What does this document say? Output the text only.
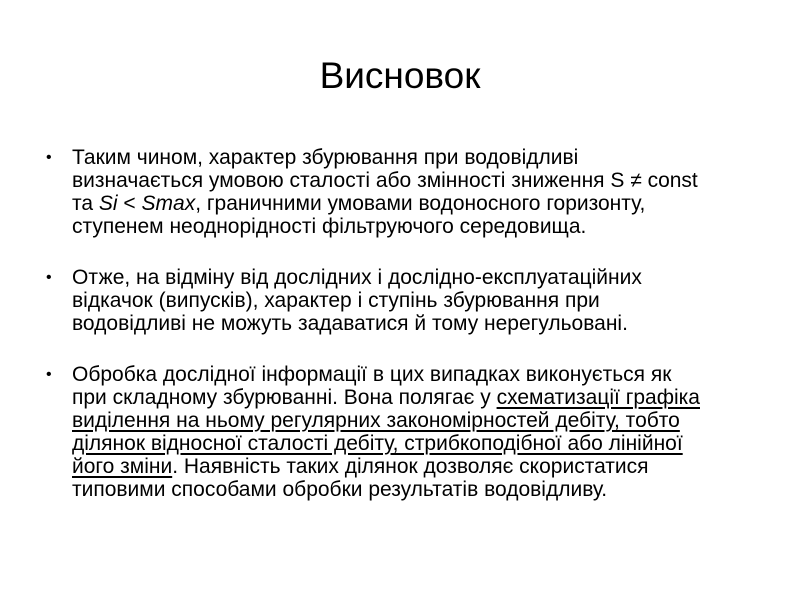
Висновок
• Таким чином, характер збурювання при водовідливі
визначається умовою сталості або змінності зниження S ≠ const
та Si < Smax, граничними умовами водоносного горизонту,
ступенем неоднорідності фільтруючого середовища.
• Отже, на відміну від дослідних і дослідно-експлуатаційних
відкачок (випусків), характер і ступінь збурювання при
водовідливі не можуть задаватися й тому нерегульовані.
• Обробка дослідної інформації в цих випадках виконується як
при складному збурюванні. Вона полягає у схематизації графіка
виділення на ньому регулярних закономірностей дебіту, тобто
ділянок відносної сталості дебіту, стрибкоподібної або лінійної
його зміни. Наявність таких ділянок дозволяє скористатися
типовими способами обробки результатів водовідливу.
